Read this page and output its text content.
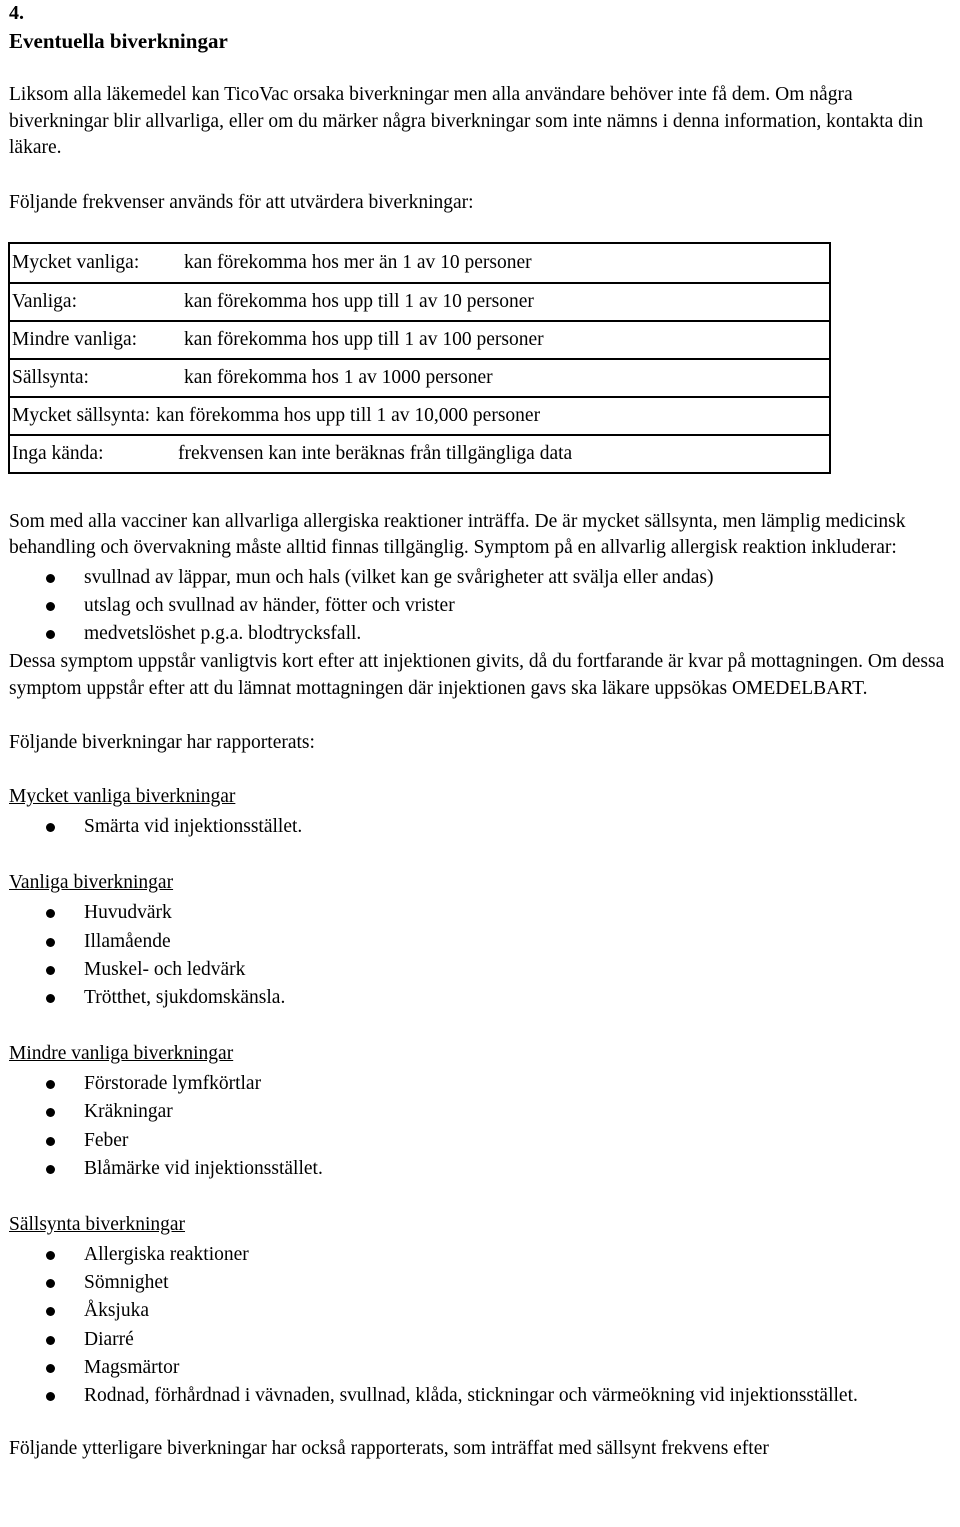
4.
Eventuella biverkningar

Liksom alla läkemedel kan TicoVac orsaka biverkningar men alla användare behöver inte få dem. Om några biverkningar blir allvarliga, eller om du märker några biverkningar som inte nämns i denna information, kontakta din läkare.

Följande frekvenser används för att utvärdera biverkningar:

Mycket vanliga:	kan förekomma hos mer än 1 av 10 personer
Vanliga:	kan förekomma hos upp till 1 av 10 personer
Mindre vanliga:	kan förekomma hos upp till 1 av 100 personer
Sällsynta:	kan förekomma hos 1 av 1000 personer
Mycket sällsynta: kan förekomma hos upp till 1 av 10,000 personer
Inga kända:	frekvensen kan inte beräknas från tillgängliga data

Som med alla vacciner kan allvarliga allergiska reaktioner inträffa. De är mycket sällsynta, men lämplig medicinsk behandling och övervakning måste alltid finnas tillgänglig. Symptom på en allvarlig allergisk reaktion inkluderar:

svullnad av läppar, mun och hals (vilket kan ge svårigheter att svälja eller andas)
utslag och svullnad av händer, fötter och vrister
medvetslöshet p.g.a. blodtrycksfall.

Dessa symptom uppstår vanligtvis kort efter att injektionen givits, då du fortfarande är kvar på mottagningen. Om dessa symptom uppstår efter att du lämnat mottagningen där injektionen gavs ska läkare uppsökas OMEDELBART.

Följande biverkningar har rapporterats:

Mycket vanliga biverkningar
Smärta vid injektionsstället.
Vanliga biverkningar
Huvudvärk
Illamående
Muskel- och ledvärk
Trötthet, sjukdomskänsla.
Mindre vanliga biverkningar
Förstorade lymfkörtlar
Kräkningar
Feber
Blåmärke vid injektionsstället.
Sällsynta biverkningar
Allergiska reaktioner
Sömnighet
Åksjuka
Diarré
Magsmärtor
Rodnad, förhårdnad i vävnaden, svullnad, klåda, stickningar och värmeökning vid injektionsstället.

Följande ytterligare biverkningar har också rapporterats, som inträffat med sällsynt frekvens efter
